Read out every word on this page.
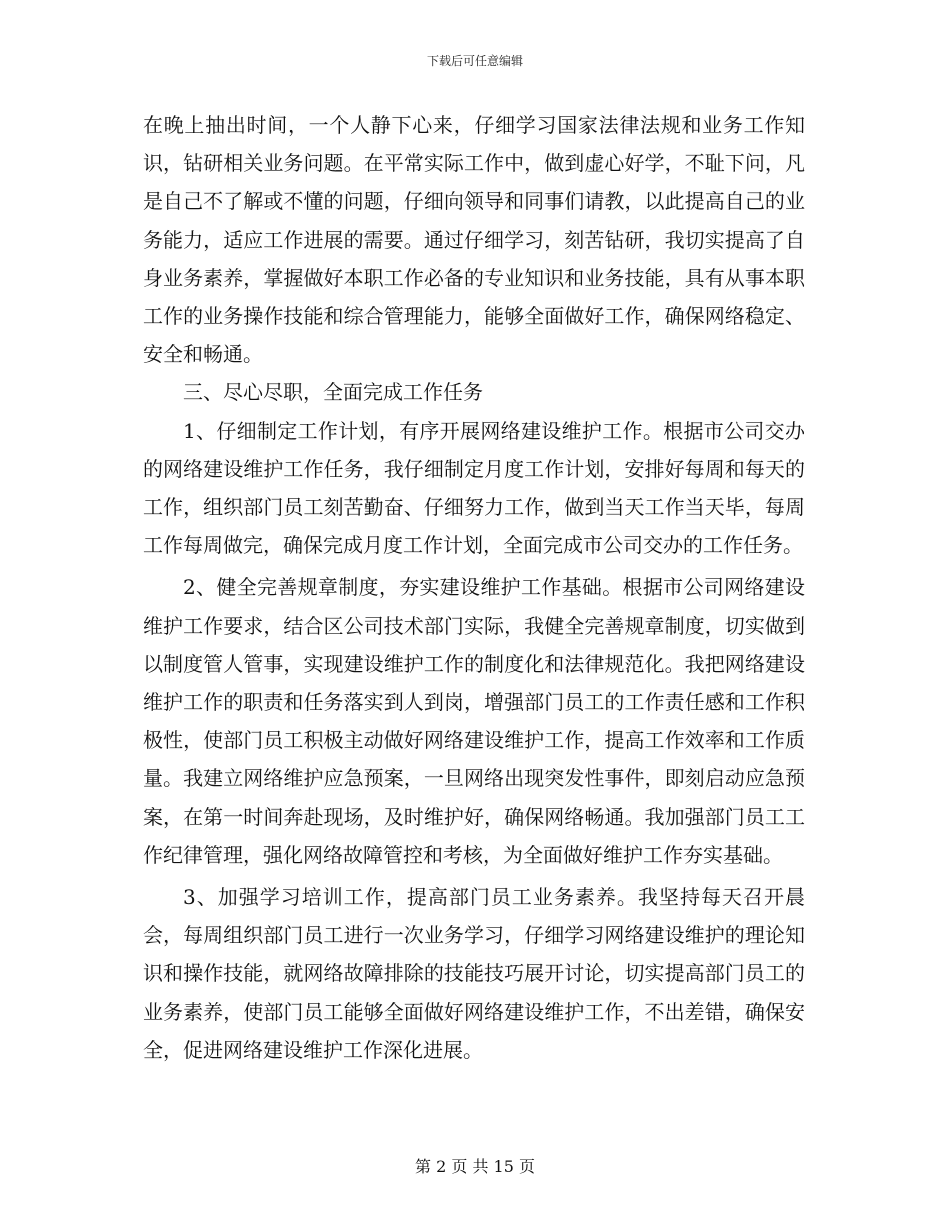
下载后可任意编辑

在晚上抽出时间，一个人静下心来，仔细学习国家法律法规和业务工作知识，钻研相关业务问题。在平常实际工作中，做到虚心好学，不耻下问，凡是自己不了解或不懂的问题，仔细向领导和同事们请教，以此提高自己的业务能力，适应工作进展的需要。通过仔细学习，刻苦钻研，我切实提高了自身业务素养，掌握做好本职工作必备的专业知识和业务技能，具有从事本职工作的业务操作技能和综合管理能力，能够全面做好工作，确保网络稳定、安全和畅通。

三、尽心尽职，全面完成工作任务

1、仔细制定工作计划，有序开展网络建设维护工作。根据市公司交办的网络建设维护工作任务，我仔细制定月度工作计划，安排好每周和每天的工作，组织部门员工刻苦勤奋、仔细努力工作，做到当天工作当天毕，每周工作每周做完，确保完成月度工作计划，全面完成市公司交办的工作任务。

2、健全完善规章制度，夯实建设维护工作基础。根据市公司网络建设维护工作要求，结合区公司技术部门实际，我健全完善规章制度，切实做到以制度管人管事，实现建设维护工作的制度化和法律规范化。我把网络建设维护工作的职责和任务落实到人到岗，增强部门员工的工作责任感和工作积极性，使部门员工积极主动做好网络建设维护工作，提高工作效率和工作质量。我建立网络维护应急预案，一旦网络出现突发性事件，即刻启动应急预案，在第一时间奔赴现场，及时维护好，确保网络畅通。我加强部门员工工作纪律管理，强化网络故障管控和考核，为全面做好维护工作夯实基础。

3、加强学习培训工作，提高部门员工业务素养。我坚持每天召开晨会，每周组织部门员工进行一次业务学习，仔细学习网络建设维护的理论知识和操作技能，就网络故障排除的技能技巧展开讨论，切实提高部门员工的业务素养，使部门员工能够全面做好网络建设维护工作，不出差错，确保安全，促进网络建设维护工作深化进展。

第 2 页 共 15 页
